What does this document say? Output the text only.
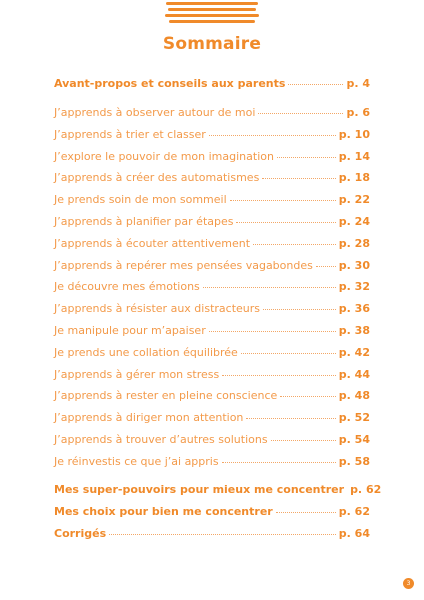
Sommaire
Avant-propos et conseils aux parents	p. 4
J’apprends à observer autour de moi	p. 6
J’apprends à trier et classer	p. 10
J’explore le pouvoir de mon imagination	p. 14
J’apprends à créer des automatismes	p. 18
Je prends soin de mon sommeil	p. 22
J’apprends à planifier par étapes	p. 24
J’apprends à écouter attentivement	p. 28
J’apprends à repérer mes pensées vagabondes p. 30
Je découvre mes émotions	p. 32
J’apprends à résister aux distracteurs	p. 36
Je manipule pour m’apaiser	p. 38
Je prends une collation équilibrée	p. 42
J’apprends à gérer mon stress	p. 44
J’apprends à rester en pleine conscience	p. 48
J’apprends à diriger mon attention	p. 52
J’apprends à trouver d’autres solutions	p. 54
Je réinvestis ce que j’ai appris	p. 58
Mes super-pouvoirs pour mieux me concentrer p. 62
Mes choix pour bien me concentrer	p. 62
Corrigés	p. 64
3
